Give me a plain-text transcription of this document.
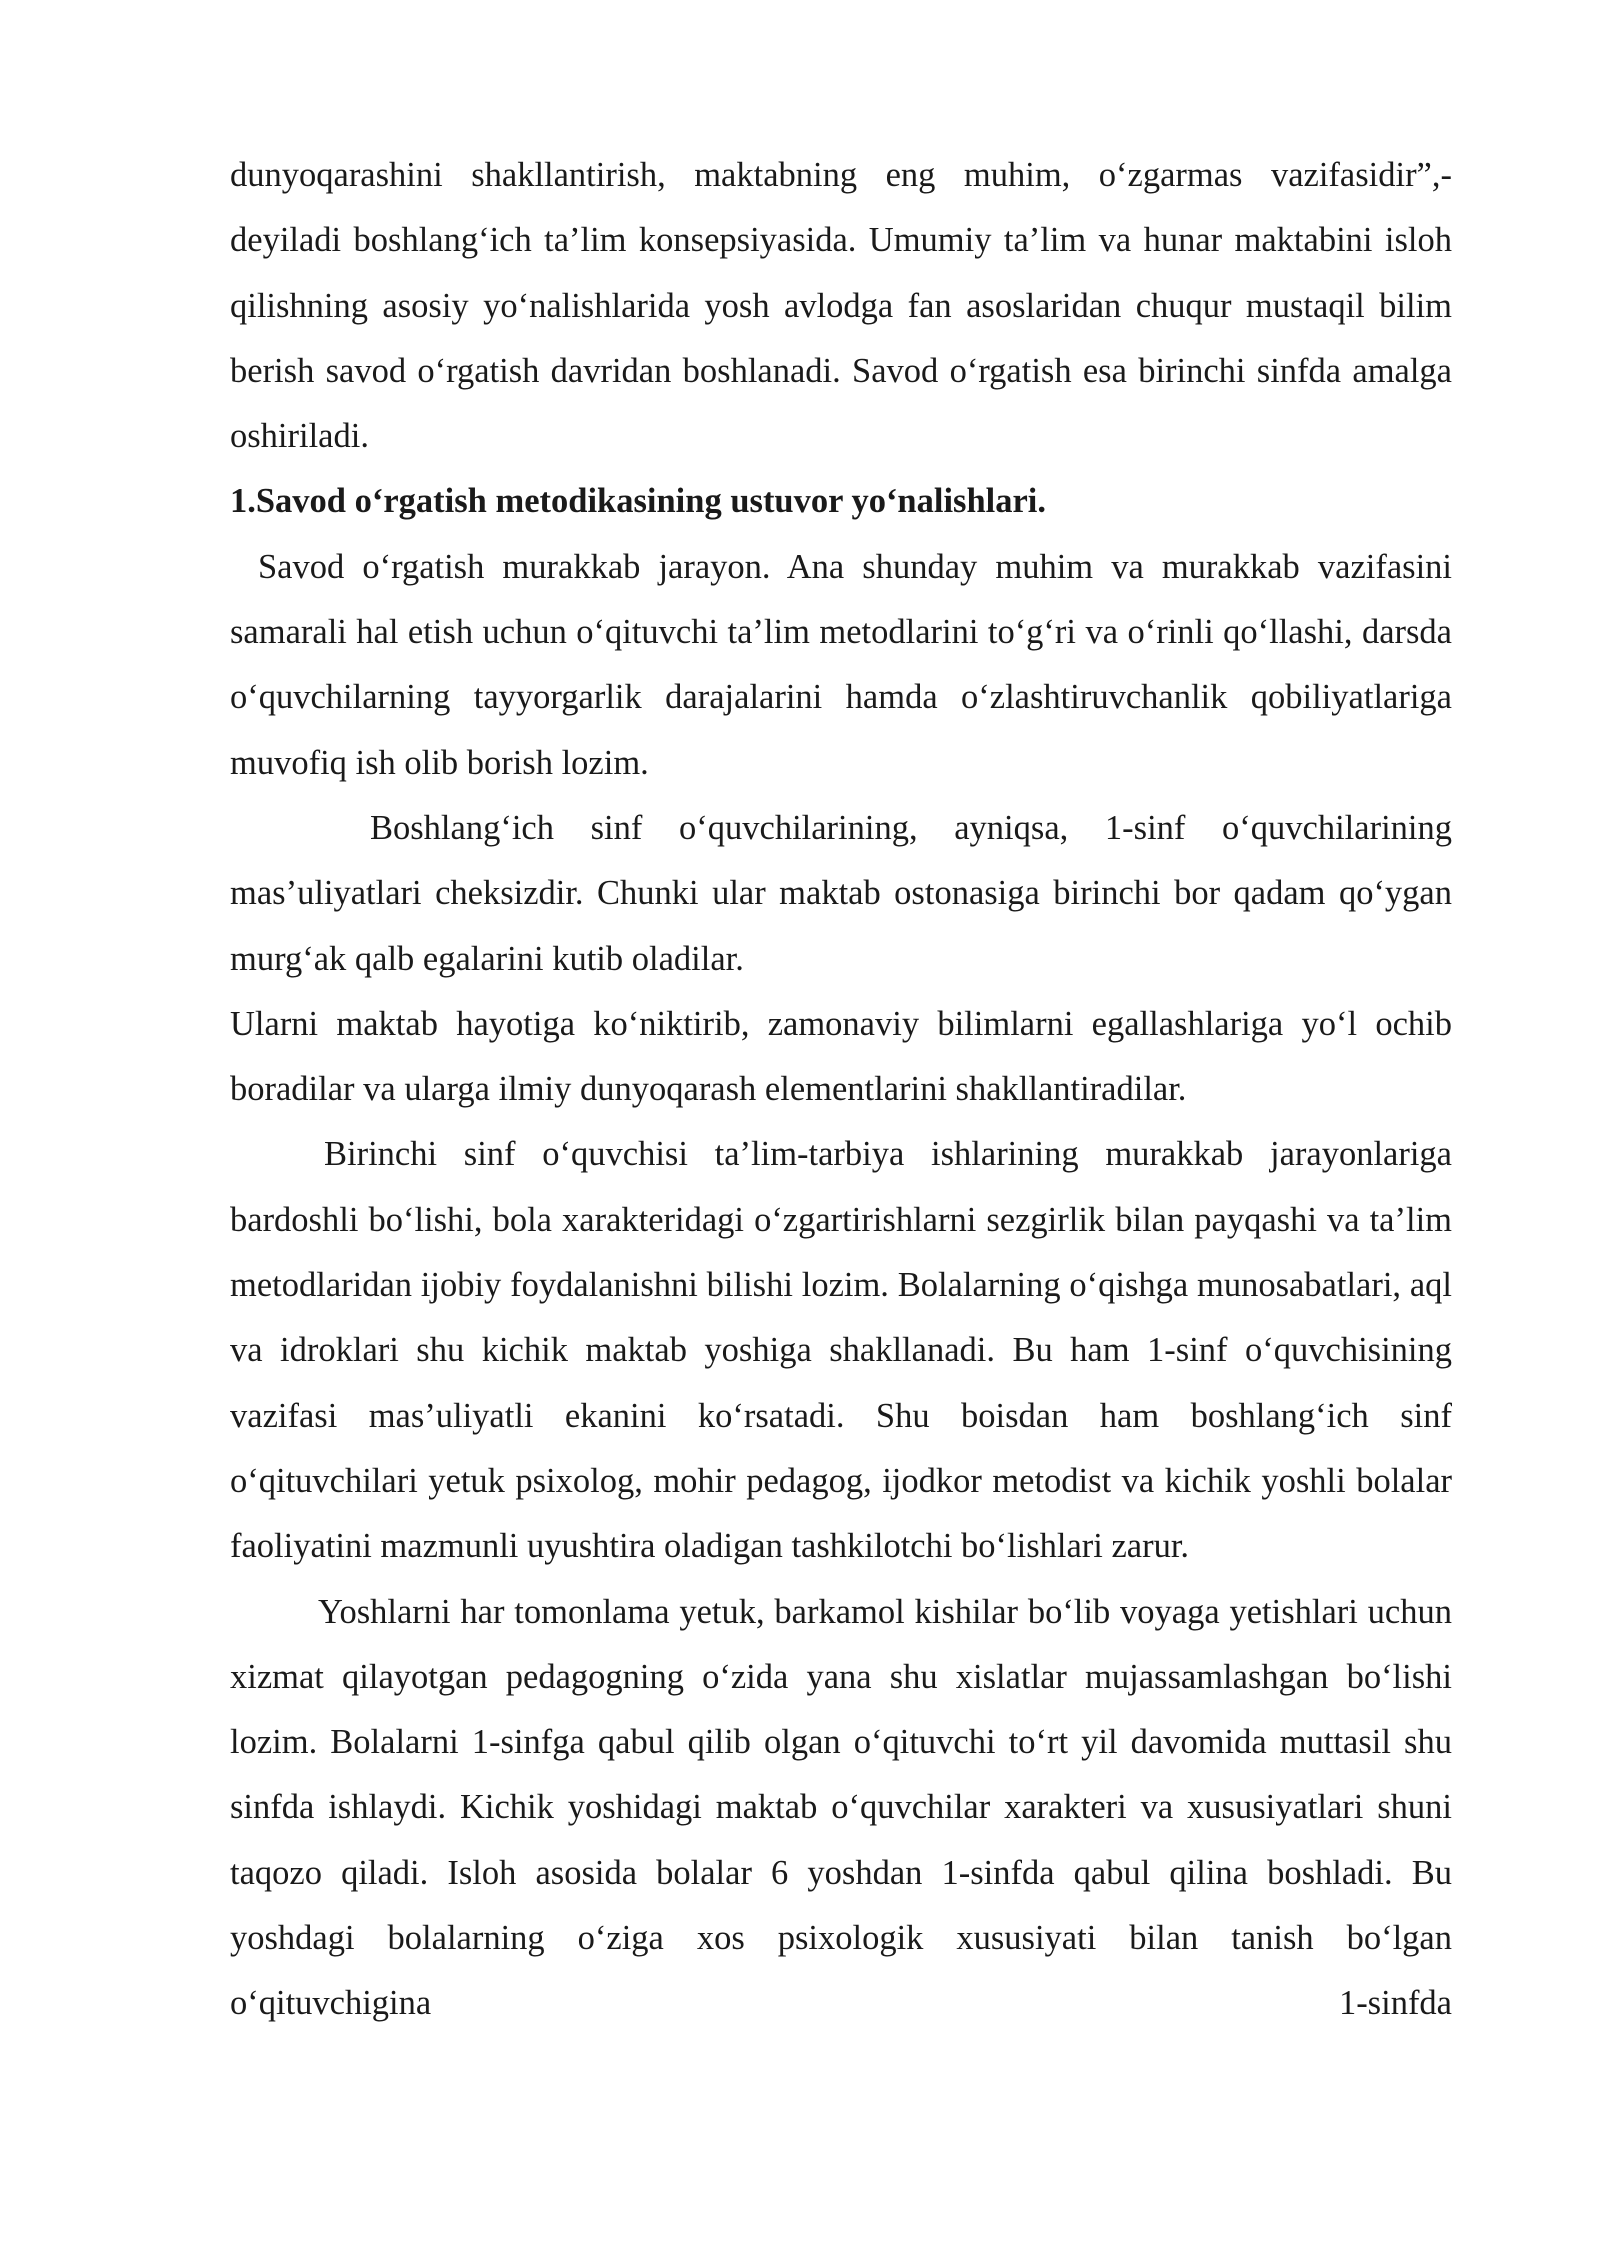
dunyoqarashini shakllantirish, maktabning eng muhim, o‘zgarmas vazifasidir”,- deyiladi boshlang‘ich ta’lim konsepsiyasida. Umumiy ta’lim va hunar maktabini isloh qilishning asosiy yo‘nalishlarida yosh avlodga fan asoslaridan chuqur mustaqil bilim berish savod o‘rgatish davridan boshlanadi. Savod o‘rgatish esa birinchi sinfda amalga oshiriladi.

1.Savod o‘rgatish metodikasining ustuvor yo‘nalishlari.

Savod o‘rgatish murakkab jarayon. Ana shunday muhim va murakkab vazifasini samarali hal etish uchun o‘qituvchi ta’lim metodlarini to‘g‘ri va o‘rinli qo‘llashi, darsda o‘quvchilarning tayyorgarlik darajalarini hamda o‘zlashtiruvchanlik qobiliyatlariga muvofiq ish olib borish lozim.

Boshlang‘ich sinf o‘quvchilarining, ayniqsa, 1-sinf o‘quvchilarining mas’uliyatlari cheksizdir. Chunki ular maktab ostonasiga birinchi bor qadam qo‘ygan murg‘ak qalb egalarini kutib oladilar.

Ularni maktab hayotiga ko‘niktirib, zamonaviy bilimlarni egallashlariga yo‘l ochib boradilar va ularga ilmiy dunyoqarash elementlarini shakllantiradilar.

Birinchi sinf o‘quvchisi ta’lim-tarbiya ishlarining murakkab jarayonlariga bardoshli bo‘lishi, bola xarakteridagi o‘zgartirishlarni sezgirlik bilan payqashi va ta’lim metodlaridan ijobiy foydalanishni bilishi lozim. Bolalarning o‘qishga munosabatlari, aql va idroklari shu kichik maktab yoshiga shakllanadi. Bu ham 1-sinf o‘quvchisining vazifasi mas’uliyatli ekanini ko‘rsatadi. Shu boisdan ham boshlang‘ich sinf o‘qituvchilari yetuk psixolog, mohir pedagog, ijodkor metodist va kichik yoshli bolalar faoliyatini mazmunli uyushtira oladigan tashkilotchi bo‘lishlari zarur.

Yoshlarni har tomonlama yetuk, barkamol kishilar bo‘lib voyaga yetishlari uchun xizmat qilayotgan pedagogning o‘zida yana shu xislatlar mujassamlashgan bo‘lishi lozim. Bolalarni 1-sinfga qabul qilib olgan o‘qituvchi to‘rt yil davomida muttasil shu sinfda ishlaydi. Kichik yoshidagi maktab o‘quvchilar xarakteri va xususiyatlari shuni taqozo qiladi. Isloh asosida bolalar 6 yoshdan 1-sinfda qabul qilina boshladi. Bu yoshdagi bolalarning o‘ziga xos psixologik xususiyati bilan tanish bo‘lgan o‘qituvchigina 1-sinfda
